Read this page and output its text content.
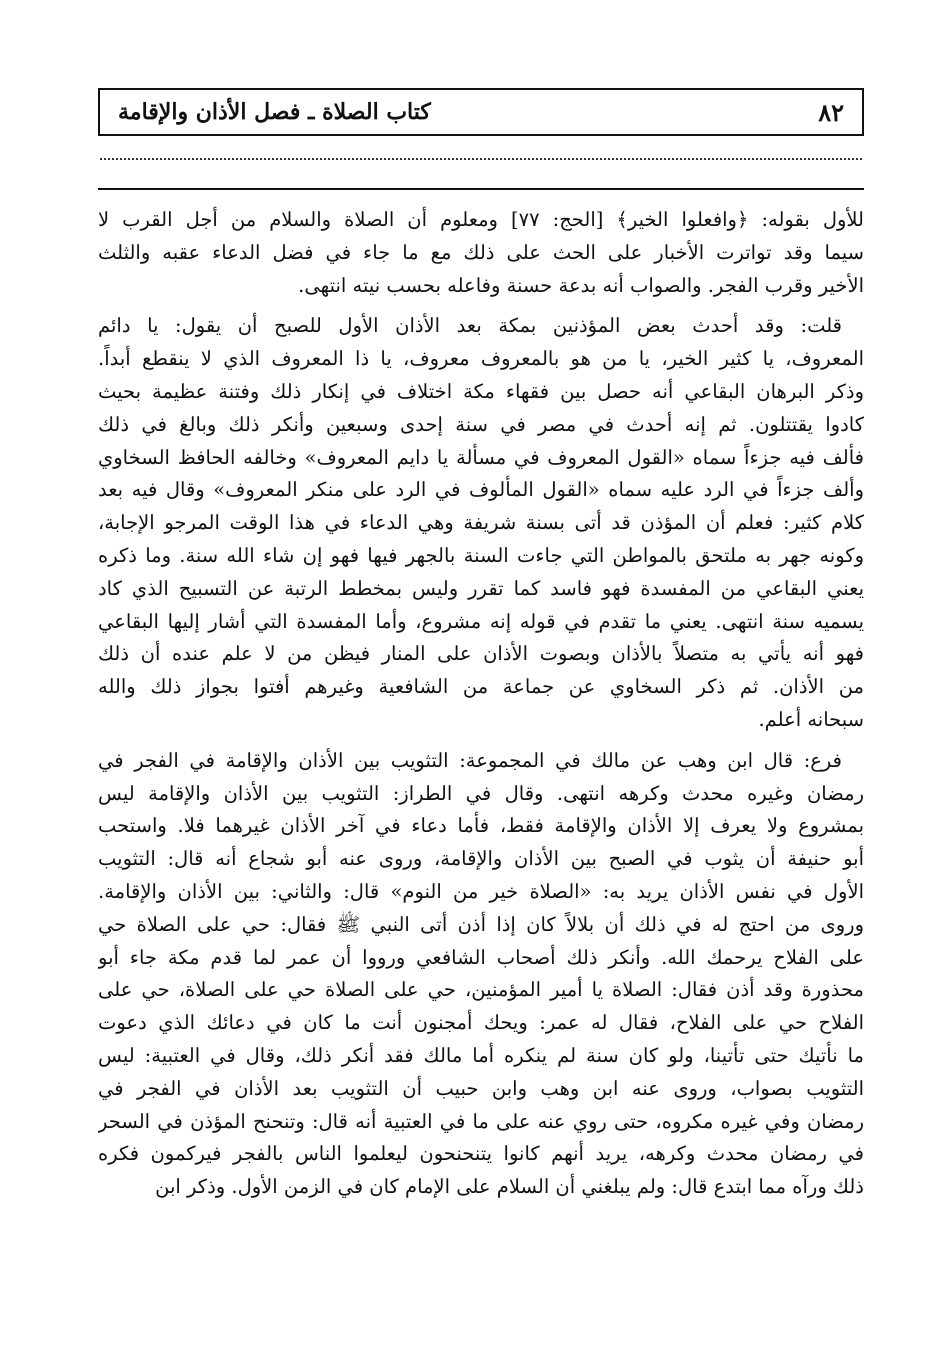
٨٢
كتاب الصلاة ـ فصل الأذان والإقامة
للأول بقوله: ﴿وافعلوا الخير﴾ [الحج: ٧٧] ومعلوم أن الصلاة والسلام من أجل القرب لا
سيما وقد تواترت الأخبار على الحث على ذلك مع ما جاء في فضل الدعاء عقبه والثلث
الأخير وقرب الفجر. والصواب أنه بدعة حسنة وفاعله بحسب نيته انتهى.
قلت: وقد أحدث بعض المؤذنين بمكة بعد الأذان الأول للصبح أن يقول: يا دائم
المعروف، يا كثير الخير، يا من هو بالمعروف معروف، يا ذا المعروف الذي لا ينقطع أبداً.
وذكر البرهان البقاعي أنه حصل بين فقهاء مكة اختلاف في إنكار ذلك وفتنة عظيمة بحيث
كادوا يقتتلون. ثم إنه أحدث في مصر في سنة إحدى وسبعين وأنكر ذلك وبالغ في ذلك
فألف فيه جزءاً سماه «القول المعروف في مسألة يا دايم المعروف» وخالفه الحافظ السخاوي
وألف جزءاً في الرد عليه سماه «القول المألوف في الرد على منكر المعروف» وقال فيه بعد
كلام كثير: فعلم أن المؤذن قد أتى بسنة شريفة وهي الدعاء في هذا الوقت المرجو الإجابة،
وكونه جهر به ملتحق بالمواطن التي جاءت السنة بالجهر فيها فهو إن شاء الله سنة. وما ذكره
يعني البقاعي من المفسدة فهو فاسد كما تقرر وليس بمخطط الرتبة عن التسبيح الذي كاد
يسميه سنة انتهى. يعني ما تقدم في قوله إنه مشروع، وأما المفسدة التي أشار إليها البقاعي
فهو أنه يأتي به متصلاً بالأذان وبصوت الأذان على المنار فيظن من لا علم عنده أن ذلك
من الأذان. ثم ذكر السخاوي عن جماعة من الشافعية وغيرهم أفتوا بجواز ذلك والله
سبحانه أعلم.
فرع: قال ابن وهب عن مالك في المجموعة: التثويب بين الأذان والإقامة في الفجر في
رمضان وغيره محدث وكرهه انتهى. وقال في الطراز: التثويب بين الأذان والإقامة ليس
بمشروع ولا يعرف إلا الأذان والإقامة فقط، فأما دعاء في آخر الأذان غيرهما فلا. واستحب
أبو حنيفة أن يثوب في الصبح بين الأذان والإقامة، وروى عنه أبو شجاع أنه قال: التثويب
الأول في نفس الأذان يريد به: «الصلاة خير من النوم» قال: والثاني: بين الأذان والإقامة.
وروى من احتج له في ذلك أن بلالاً كان إذا أذن أتى النبي ﷺ فقال: حي على الصلاة حي
على الفلاح يرحمك الله. وأنكر ذلك أصحاب الشافعي ورووا أن عمر لما قدم مكة جاء أبو
محذورة وقد أذن فقال: الصلاة يا أمير المؤمنين، حي على الصلاة حي على الصلاة، حي على
الفلاح حي على الفلاح، فقال له عمر: ويحك أمجنون أنت ما كان في دعائك الذي دعوت
ما نأتيك حتى تأتينا، ولو كان سنة لم ينكره أما مالك فقد أنكر ذلك، وقال في العتبية: ليس
التثويب بصواب، وروى عنه ابن وهب وابن حبيب أن التثويب بعد الأذان في الفجر في
رمضان وفي غيره مكروه، حتى روي عنه على ما في العتبية أنه قال: وتنحنح المؤذن في السحر
في رمضان محدث وكرهه، يريد أنهم كانوا يتنحنحون ليعلموا الناس بالفجر فيركمون فكره
ذلك ورآه مما ابتدع قال: ولم يبلغني أن السلام على الإمام كان في الزمن الأول. وذكر ابن
